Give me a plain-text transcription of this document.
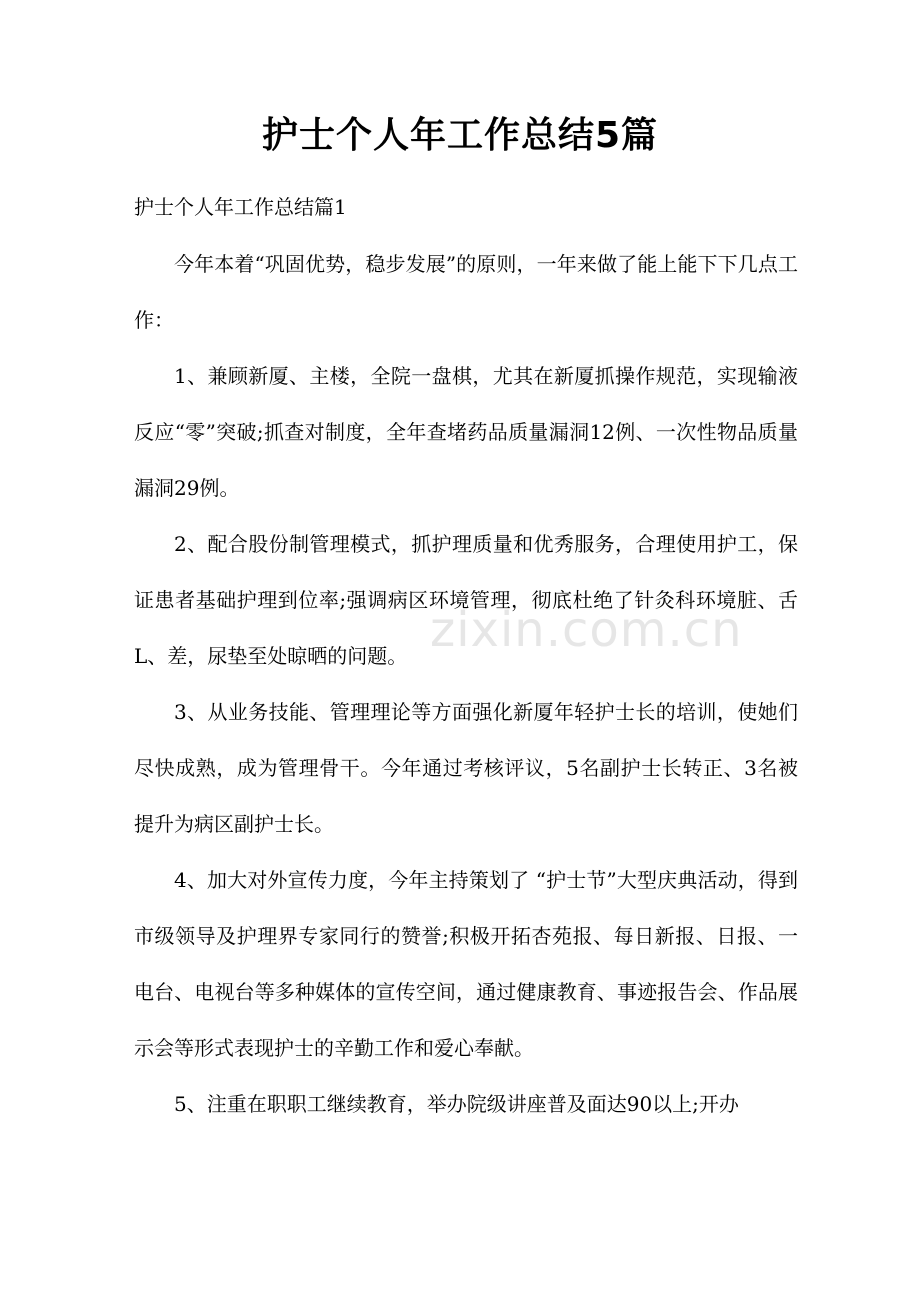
护士个人年工作总结5篇
护士个人年工作总结篇1

今年本着“巩固优势，稳步发展”的原则，一年来做了能上能下下几点工作：

1、兼顾新厦、主楼，全院一盘棋，尤其在新厦抓操作规范，实现输液反应“零”突破;抓查对制度，全年查堵药品质量漏洞12例、一次性物品质量漏洞29例。

2、配合股份制管理模式，抓护理质量和优秀服务，合理使用护工，保证患者基础护理到位率;强调病区环境管理，彻底杜绝了针灸科环境脏、舌L、差，尿垫至处晾晒的问题。

3、从业务技能、管理理论等方面强化新厦年轻护士长的培训，使她们尽快成熟，成为管理骨干。今年通过考核评议，5名副护士长转正、3名被提升为病区副护士长。

4、加大对外宣传力度，今年主持策划了 “护士节”大型庆典活动，得到市级领导及护理界专家同行的赞誉;积极开拓杏苑报、每日新报、日报、一电台、电视台等多种媒体的宣传空间，通过健康教育、事迹报告会、作品展示会等形式表现护士的辛勤工作和爱心奉献。

5、注重在职职工继续教育，举办院级讲座普及面达90以上;开办

zixin.com.cn
